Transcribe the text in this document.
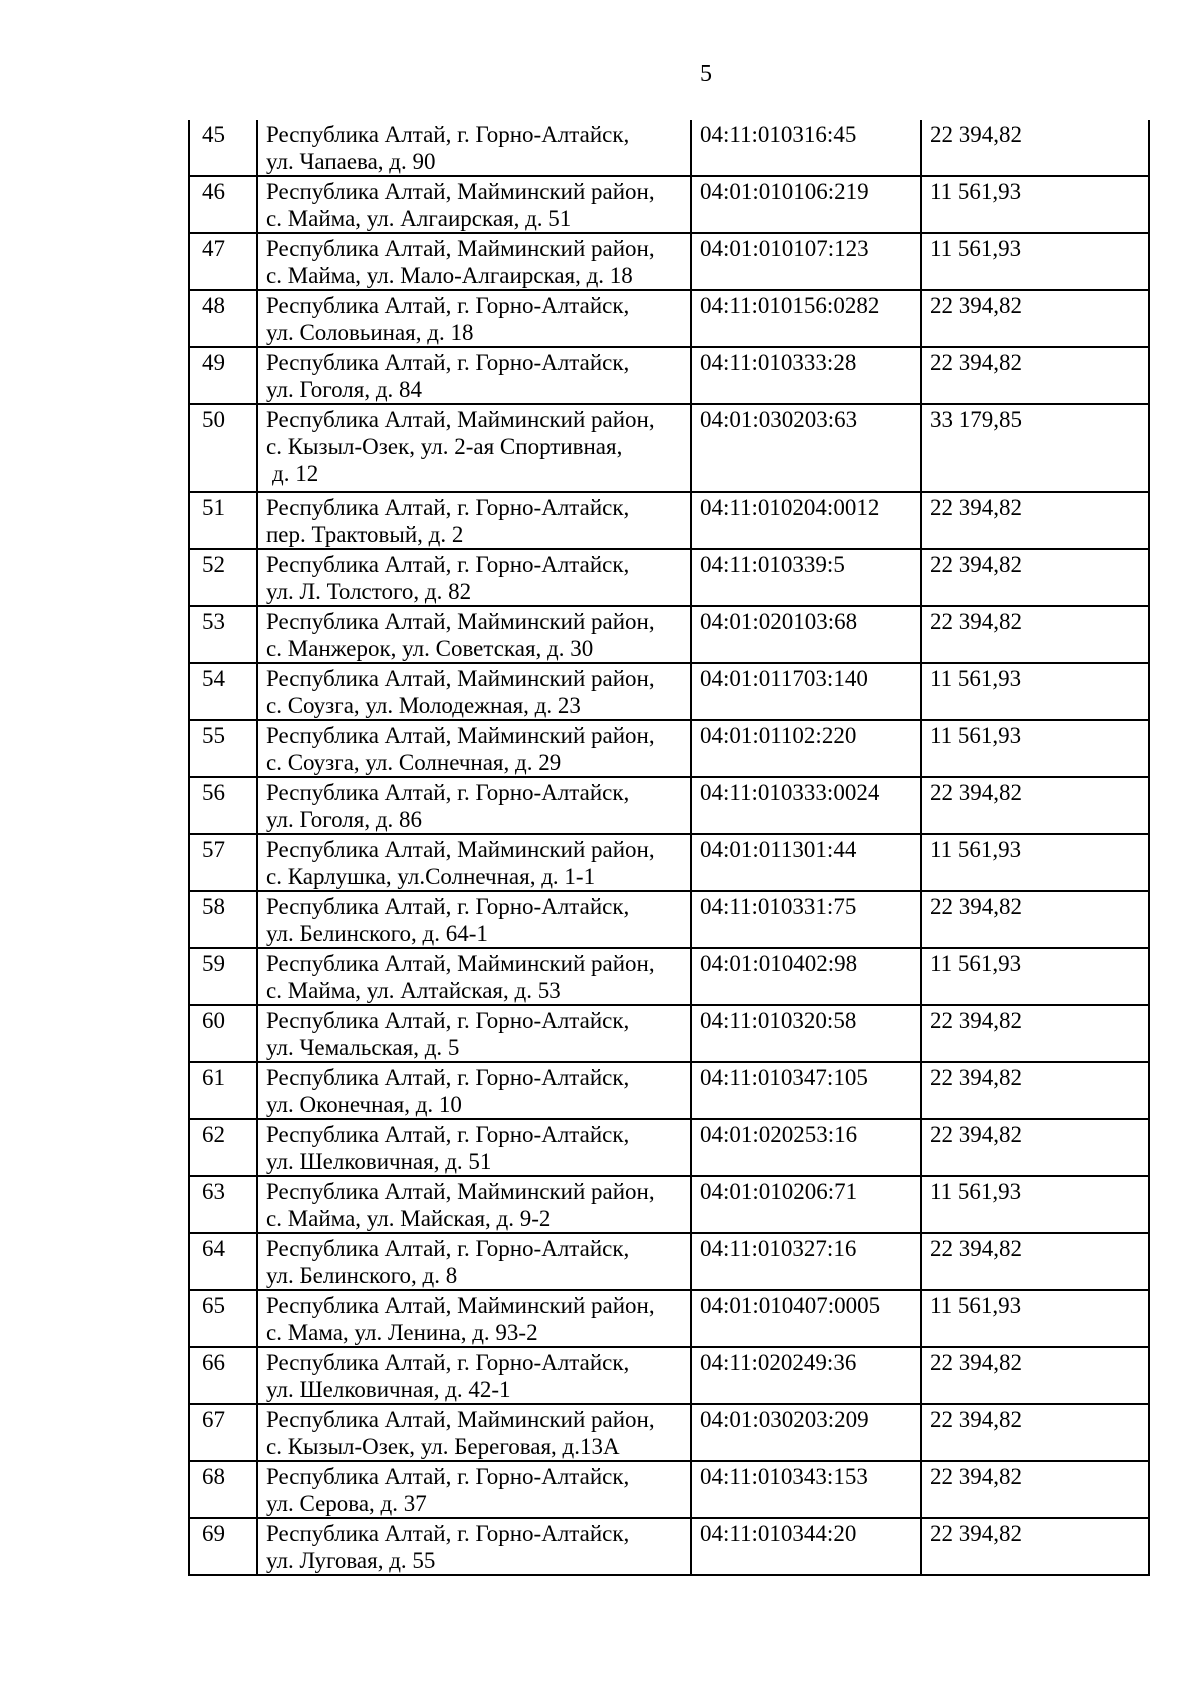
5
45	Республика Алтай, г. Горно-Алтайск,
ул. Чапаева, д. 90	04:11:010316:45	22 394,82
46	Республика Алтай, Майминский район,
с. Майма, ул. Алгаирская, д. 51	04:01:010106:219	11 561,93
47	Республика Алтай, Майминский район,
с. Майма, ул. Мало-Алгаирская, д. 18	04:01:010107:123	11 561,93
48	Республика Алтай, г. Горно-Алтайск,
ул. Соловьиная, д. 18	04:11:010156:0282	22 394,82
49	Республика Алтай, г. Горно-Алтайск,
ул. Гоголя, д. 84	04:11:010333:28	22 394,82
50	Республика Алтай, Майминский район,
с. Кызыл-Озек, ул. 2-ая Спортивная,
д. 12	04:01:030203:63	33 179,85
51	Республика Алтай, г. Горно-Алтайск,
пер. Трактовый, д. 2	04:11:010204:0012	22 394,82
52	Республика Алтай, г. Горно-Алтайск,
ул. Л. Толстого, д. 82	04:11:010339:5	22 394,82
53	Республика Алтай, Майминский район,
с. Манжерок, ул. Советская, д. 30	04:01:020103:68	22 394,82
54	Республика Алтай, Майминский район,
с. Соузга, ул. Молодежная, д. 23	04:01:011703:140	11 561,93
55	Республика Алтай, Майминский район,
с. Соузга, ул. Солнечная, д. 29	04:01:01102:220	11 561,93
56	Республика Алтай, г. Горно-Алтайск,
ул. Гоголя, д. 86	04:11:010333:0024	22 394,82
57	Республика Алтай, Майминский район,
с. Карлушка, ул.Солнечная, д. 1-1	04:01:011301:44	11 561,93
58	Республика Алтай, г. Горно-Алтайск,
ул. Белинского, д. 64-1	04:11:010331:75	22 394,82
59	Республика Алтай, Майминский район,
с. Майма, ул. Алтайская, д. 53	04:01:010402:98	11 561,93
60	Республика Алтай, г. Горно-Алтайск,
ул. Чемальская, д. 5	04:11:010320:58	22 394,82
61	Республика Алтай, г. Горно-Алтайск,
ул. Оконечная, д. 10	04:11:010347:105	22 394,82
62	Республика Алтай, г. Горно-Алтайск,
ул. Шелковичная, д. 51	04:01:020253:16	22 394,82
63	Республика Алтай, Майминский район,
с. Майма, ул. Майская, д. 9-2	04:01:010206:71	11 561,93
64	Республика Алтай, г. Горно-Алтайск,
ул. Белинского, д. 8	04:11:010327:16	22 394,82
65	Республика Алтай, Майминский район,
с. Мама, ул. Ленина, д. 93-2	04:01:010407:0005	11 561,93
66	Республика Алтай, г. Горно-Алтайск,
ул. Шелковичная, д. 42-1	04:11:020249:36	22 394,82
67	Республика Алтай, Майминский район,
с. Кызыл-Озек, ул. Береговая, д.13А	04:01:030203:209	22 394,82
68	Республика Алтай, г. Горно-Алтайск,
ул. Серова, д. 37	04:11:010343:153	22 394,82
69	Республика Алтай, г. Горно-Алтайск,
ул. Луговая, д. 55	04:11:010344:20	22 394,82
